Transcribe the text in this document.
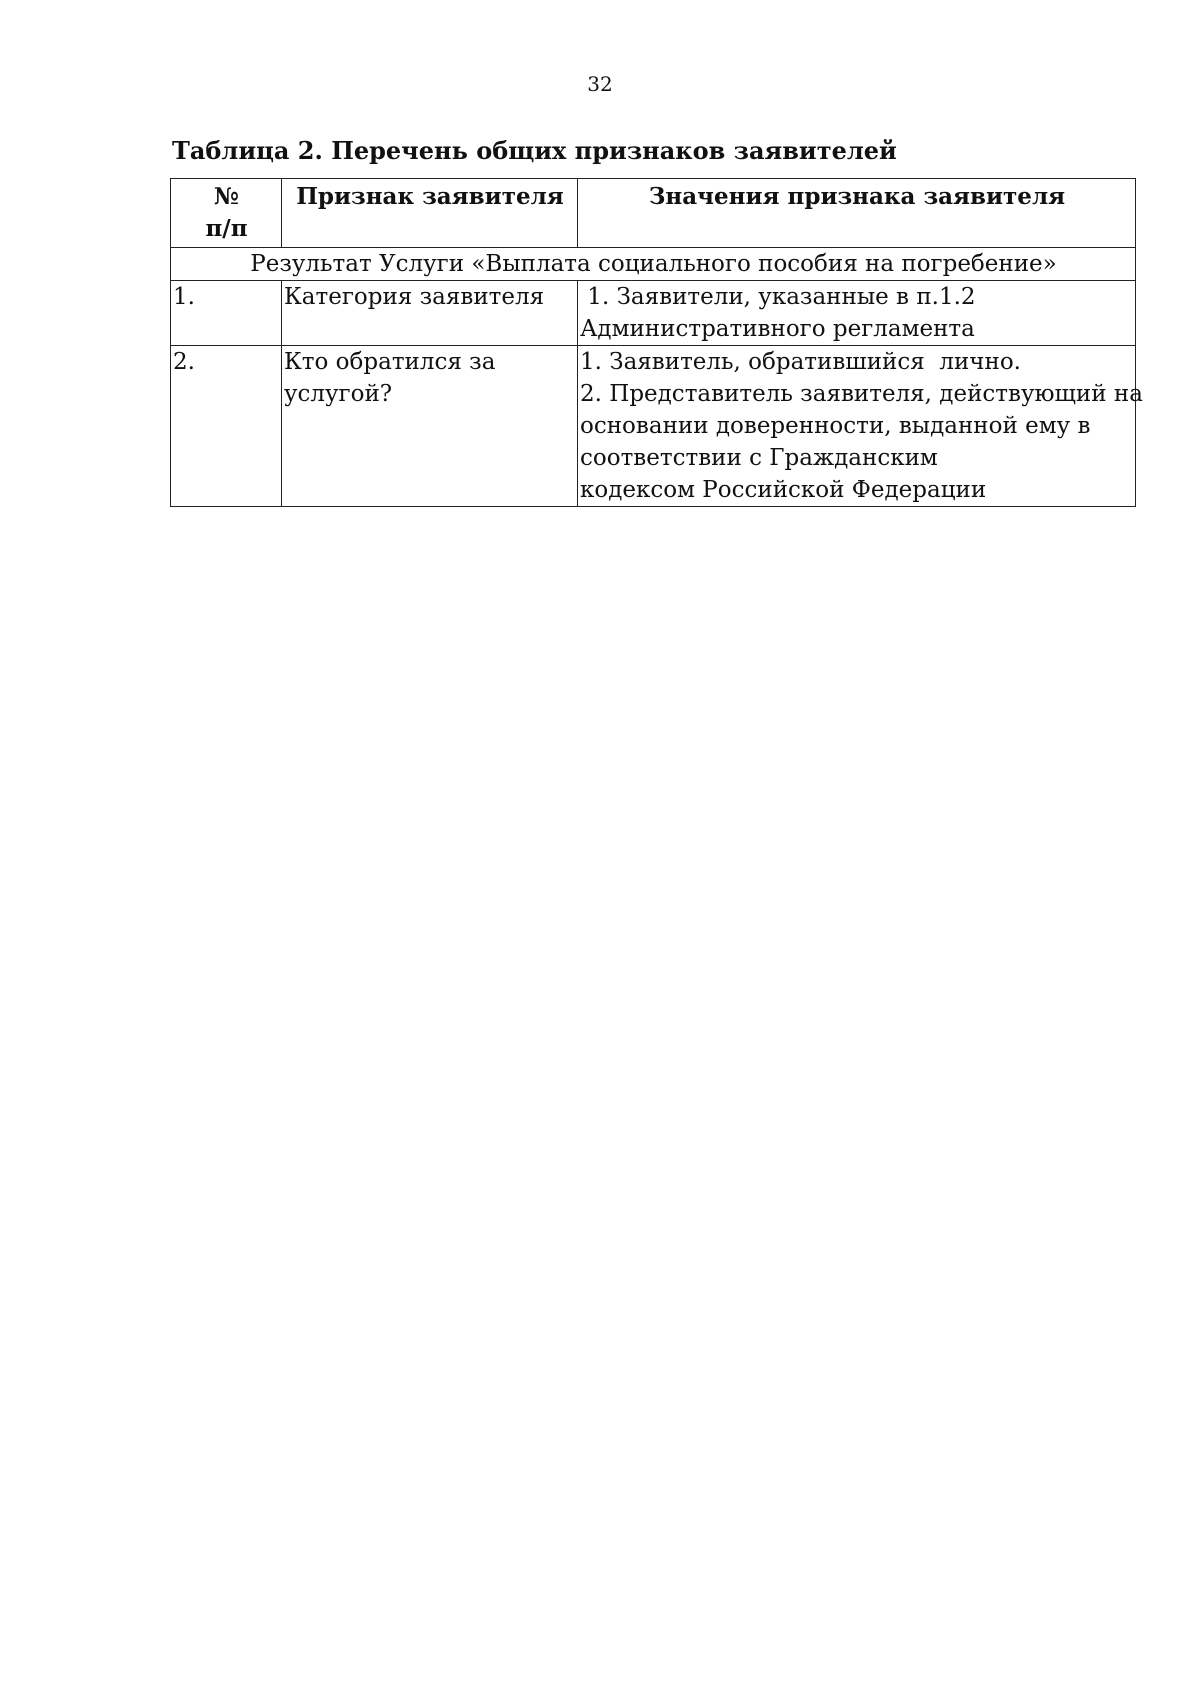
32
Таблица 2. Перечень общих признаков заявителей
№
п/п	Признак заявителя	Значения признака заявителя
Результат Услуги «Выплата социального пособия на погребение»		
1.	Категория заявителя	1. Заявители, указанные в п.1.2
Административного регламента

2.	Кто обратился за услугой?	1. Заявитель, обратившийся  лично.
2. Представитель заявителя, действующий на
основании доверенности, выданной ему в
соответствии с Гражданским
кодексом Российской Федерации
